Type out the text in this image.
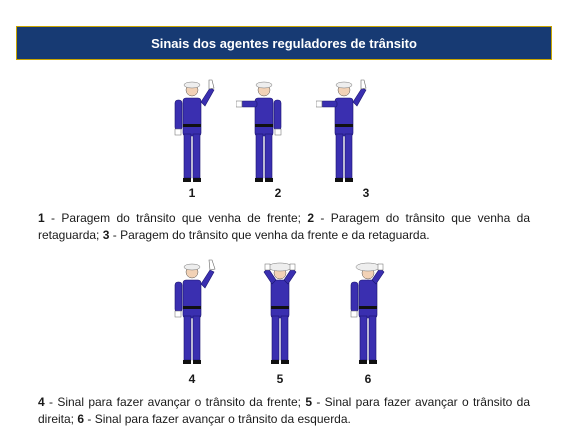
Sinais dos agentes reguladores de trânsito
1	2	3
1 - Paragem do trânsito que venha de frente; 2 - Paragem do trânsito que venha da retaguarda; 3 - Paragem do trânsito que venha da frente e da retaguarda.
4	5	6
4 - Sinal para fazer avançar o trânsito da frente; 5 - Sinal para fazer avançar o trânsito da direita; 6 - Sinal para fazer avançar o trânsito da esquerda.
